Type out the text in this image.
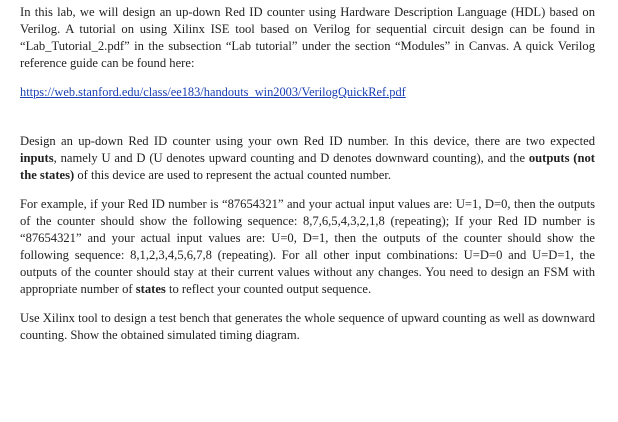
In this lab, we will design an up-down Red ID counter using Hardware Description Language (HDL) based on Verilog. A tutorial on using Xilinx ISE tool based on Verilog for sequential circuit design can be found in “Lab_Tutorial_2.pdf” in the subsection “Lab tutorial” under the section “Modules” in Canvas. A quick Verilog reference guide can be found here:

https://web.stanford.edu/class/ee183/handouts_win2003/VerilogQuickRef.pdf

Design an up-down Red ID counter using your own Red ID number. In this device, there are two expected inputs, namely U and D (U denotes upward counting and D denotes downward counting), and the outputs (not the states) of this device are used to represent the actual counted number.

For example, if your Red ID number is “87654321” and your actual input values are: U=1, D=0, then the outputs of the counter should show the following sequence: 8,7,6,5,4,3,2,1,8 (repeating); If your Red ID number is “87654321” and your actual input values are: U=0, D=1, then the outputs of the counter should show the following sequence: 8,1,2,3,4,5,6,7,8 (repeating). For all other input combinations: U=D=0 and U=D=1, the outputs of the counter should stay at their current values without any changes. You need to design an FSM with appropriate number of states to reflect your counted output sequence.

Use Xilinx tool to design a test bench that generates the whole sequence of upward counting as well as downward counting. Show the obtained simulated timing diagram.
